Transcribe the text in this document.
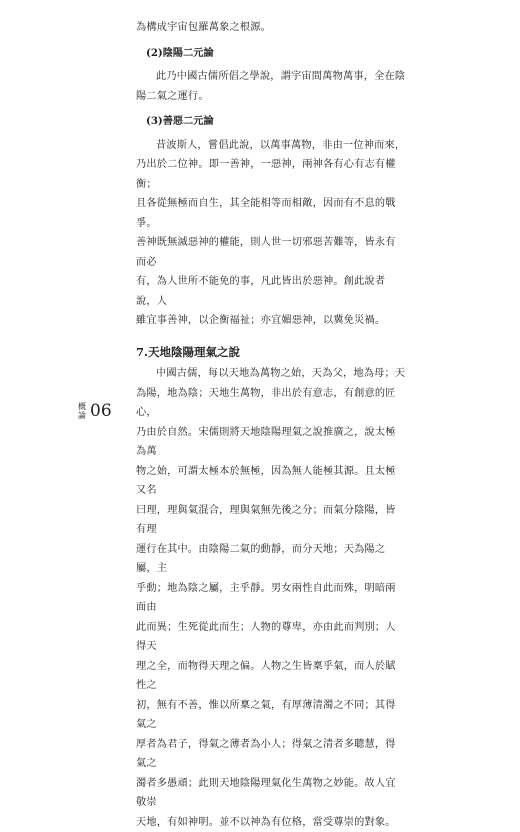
為構成宇宙包羅萬象之根源。

(2)陰陽二元論

此乃中國古儒所倡之學說，謂宇宙間萬物萬事，全在陰

陽二氣之運行。

(3)善惡二元論

昔波斯人，嘗倡此說，以萬事萬物，非由一位神而來，

乃出於二位神。即一善神，一惡神，兩神各有心有志有權衡；

且各從無極而自生，其全能相等而相敵，因而有不息的戰爭。

善神既無滅惡神的權能，則人世一切邪惡苦難等，皆永有而必

有，為人世所不能免的事，凡此皆出於惡神。創此說者說，人

雖宜事善神，以企衡福祉；亦宜媚惡神，以冀免災禍。

7.天地陰陽理氣之說

中國古儒，每以天地為萬物之始，天為父，地為母；天

為陽，地為陰；天地生萬物，非出於有意志，有創意的匠心，

乃由於自然。宋儒則將天地陰陽理氣之說推廣之，說太極為萬

物之始，可謂太極本於無極，因為無人能極其源。且太極又名

曰理，理與氣混合，理與氣無先後之分；而氣分陰陽，皆有理

運行在其中。由陰陽二氣的動靜，而分天地；天為陽之屬，主

乎動；地為陰之屬，主乎靜。男女兩性自此而殊，明暗兩面由

此而異；生死從此而生；人物的尊卑，亦由此而判別；人得天

理之全，而物得天理之偏。人物之生皆稟乎氣，而人於賦性之

初，無有不善，惟以所稟之氣，有厚薄清濁之不同；其得氣之

厚者為君子，得氣之薄者為小人；得氣之清者多聰慧，得氣之

濁者多愚頑；此則天地陰陽理氣化生萬物之妙能。故人宜敬崇

天地，有如神明。並不以神為有位格，當受尊崇的對象。

概論 06
